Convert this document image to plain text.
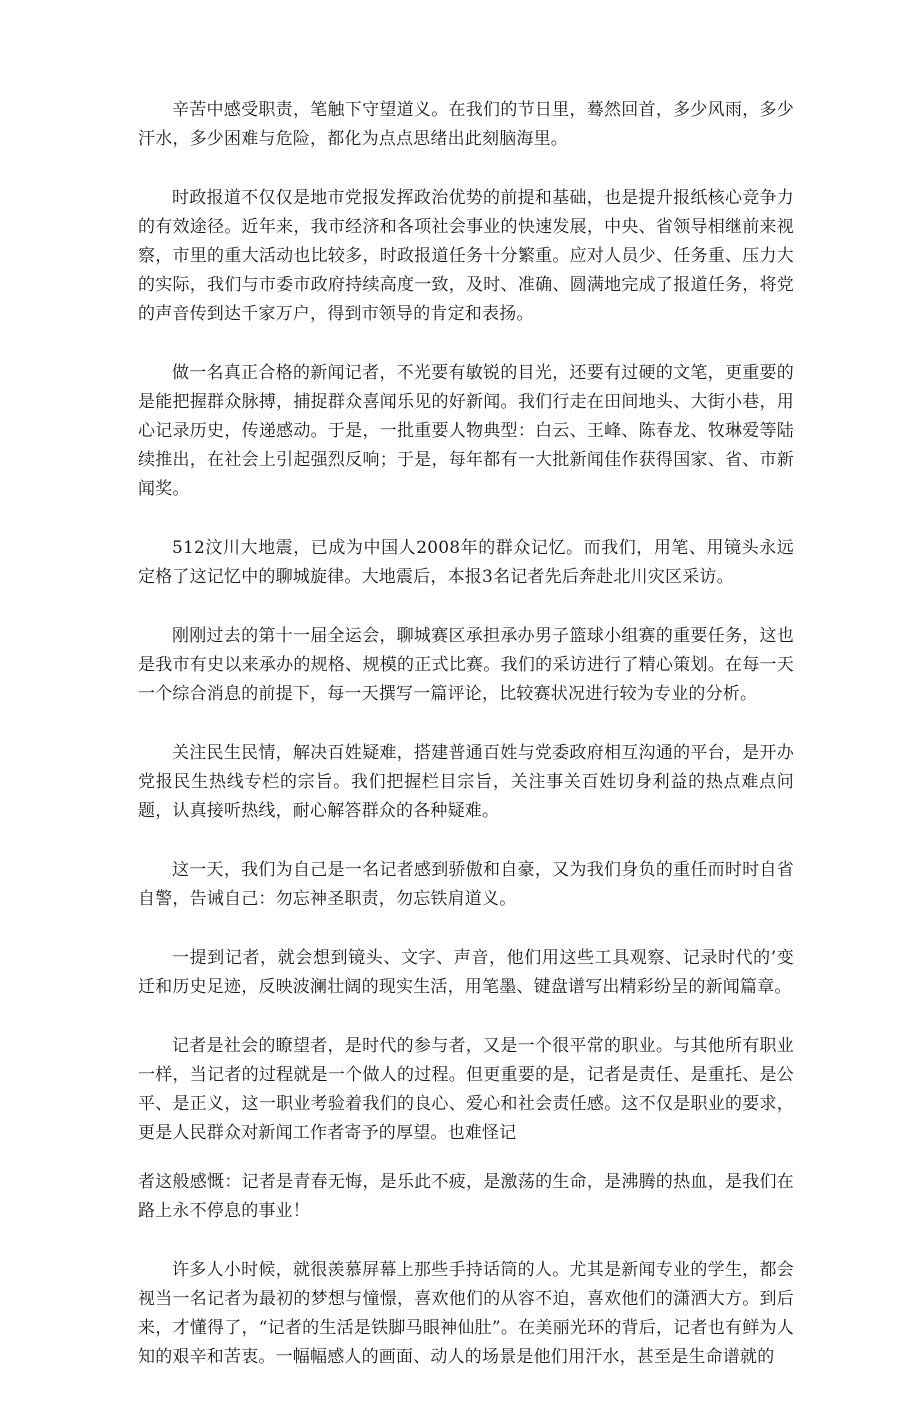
辛苦中感受职责，笔触下守望道义。在我们的节日里，蓦然回首，多少风雨，多少汗水，多少困难与危险，都化为点点思绪出此刻脑海里。

时政报道不仅仅是地市党报发挥政治优势的前提和基础，也是提升报纸核心竞争力的有效途径。近年来，我市经济和各项社会事业的快速发展，中央、省领导相继前来视察，市里的重大活动也比较多，时政报道任务十分繁重。应对人员少、任务重、压力大的实际，我们与市委市政府持续高度一致，及时、准确、圆满地完成了报道任务，将党的声音传到达千家万户，得到市领导的肯定和表扬。

做一名真正合格的新闻记者，不光要有敏锐的目光，还要有过硬的文笔，更重要的是能把握群众脉搏，捕捉群众喜闻乐见的好新闻。我们行走在田间地头、大街小巷，用心记录历史，传递感动。于是，一批重要人物典型：白云、王峰、陈春龙、牧琳爱等陆续推出，在社会上引起强烈反响；于是，每年都有一大批新闻佳作获得国家、省、市新闻奖。

512汶川大地震，已成为中国人2008年的群众记忆。而我们，用笔、用镜头永远定格了这记忆中的聊城旋律。大地震后，本报3名记者先后奔赴北川灾区采访。

刚刚过去的第十一届全运会，聊城赛区承担承办男子篮球小组赛的重要任务，这也是我市有史以来承办的规格、规模的正式比赛。我们的采访进行了精心策划。在每一天一个综合消息的前提下，每一天撰写一篇评论，比较赛状况进行较为专业的分析。

关注民生民情，解决百姓疑难，搭建普通百姓与党委政府相互沟通的平台，是开办党报民生热线专栏的宗旨。我们把握栏目宗旨，关注事关百姓切身利益的热点难点问题，认真接听热线，耐心解答群众的各种疑难。

这一天，我们为自己是一名记者感到骄傲和自豪，又为我们身负的重任而时时自省自警，告诫自己：勿忘神圣职责，勿忘铁肩道义。

一提到记者，就会想到镜头、文字、声音，他们用这些工具观察、记录时代的’变迁和历史足迹，反映波澜壮阔的现实生活，用笔墨、键盘谱写出精彩纷呈的新闻篇章。

记者是社会的瞭望者，是时代的参与者，又是一个很平常的职业。与其他所有职业一样，当记者的过程就是一个做人的过程。但更重要的是，记者是责任、是重托、是公平、是正义，这一职业考验着我们的良心、爱心和社会责任感。这不仅是职业的要求，更是人民群众对新闻工作者寄予的厚望。也难怪记

者这般感慨：记者是青春无悔，是乐此不疲，是激荡的生命，是沸腾的热血，是我们在路上永不停息的事业！

许多人小时候，就很羡慕屏幕上那些手持话筒的人。尤其是新闻专业的学生，都会视当一名记者为最初的梦想与憧憬，喜欢他们的从容不迫，喜欢他们的潇洒大方。到后来，才懂得了，“记者的生活是铁脚马眼神仙肚”。在美丽光环的背后，记者也有鲜为人知的艰辛和苦衷。一幅幅感人的画面、动人的场景是他们用汗水，甚至是生命谱就的
